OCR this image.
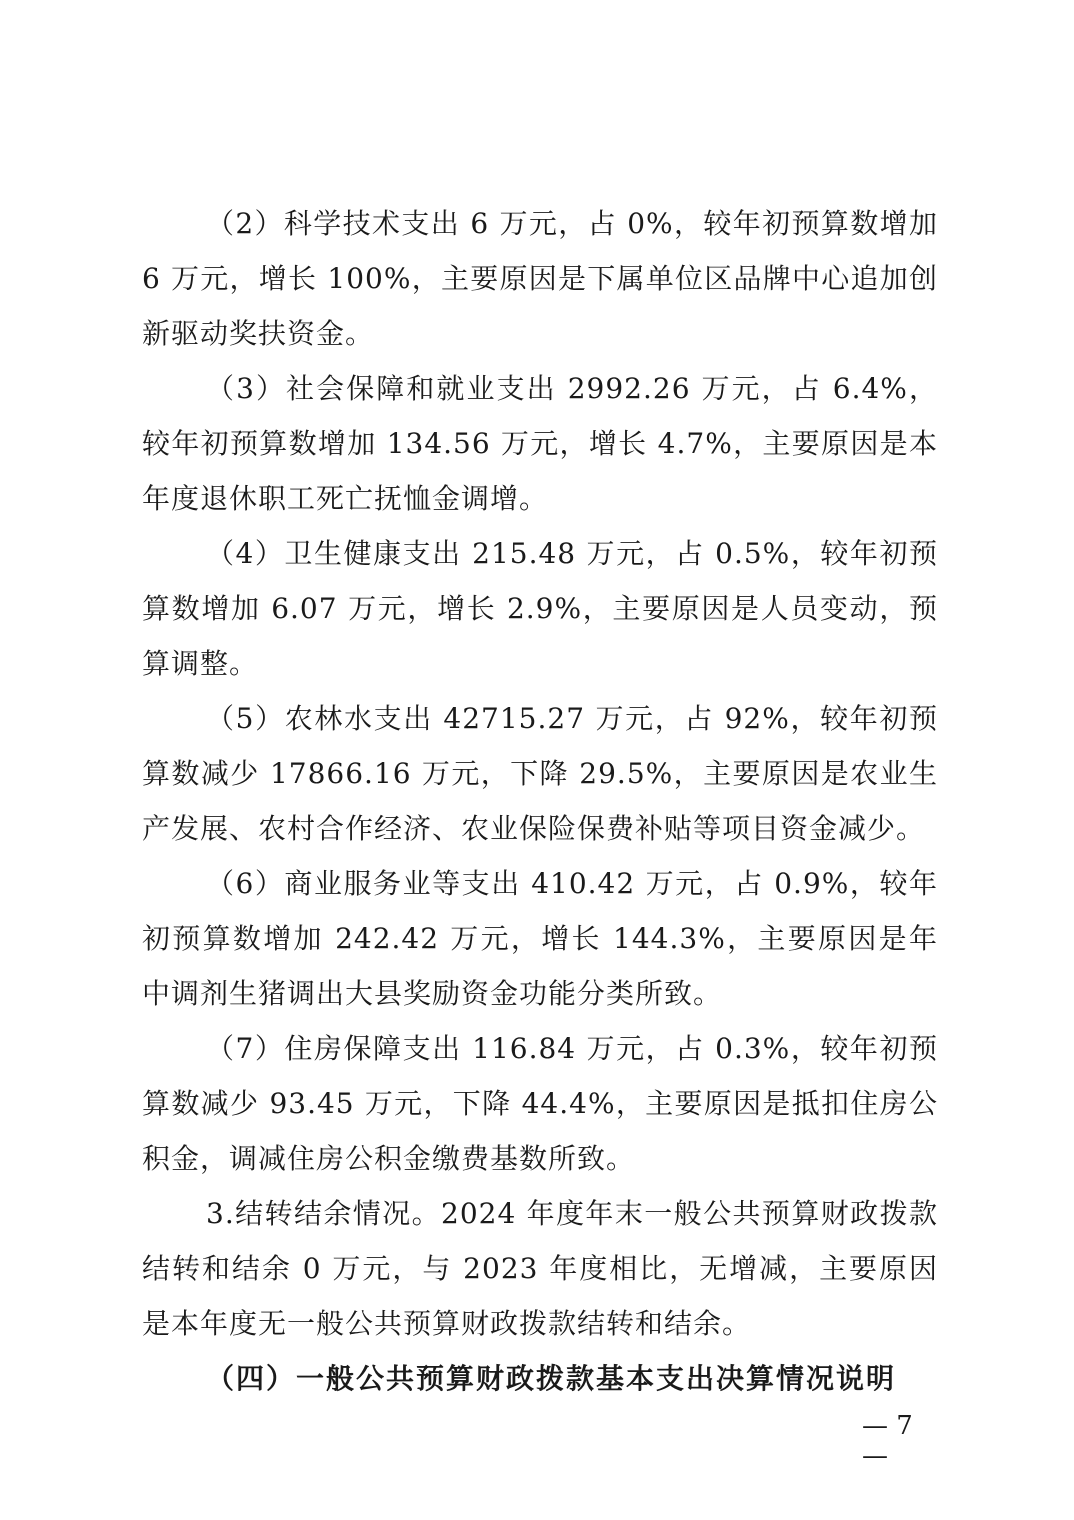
（2）科学技术支出 6 万元，占 0%，较年初预算数增加 6 万元，增长 100%，主要原因是下属单位区品牌中心追加创新驱动奖扶资金。

（3）社会保障和就业支出 2992.26 万元，占 6.4%，较年初预算数增加 134.56 万元，增长 4.7%，主要原因是本年度退休职工死亡抚恤金调增。

（4）卫生健康支出 215.48 万元，占 0.5%，较年初预算数增加 6.07 万元，增长 2.9%，主要原因是人员变动，预算调整。

（5）农林水支出 42715.27 万元，占 92%，较年初预算数减少 17866.16 万元，下降 29.5%，主要原因是农业生产发展、农村合作经济、农业保险保费补贴等项目资金减少。

（6）商业服务业等支出 410.42 万元，占 0.9%，较年初预算数增加 242.42 万元，增长 144.3%，主要原因是年中调剂生猪调出大县奖励资金功能分类所致。

（7）住房保障支出 116.84 万元，占 0.3%，较年初预算数减少 93.45 万元，下降 44.4%，主要原因是抵扣住房公积金，调减住房公积金缴费基数所致。

3.结转结余情况。2024 年度年末一般公共预算财政拨款结转和结余 0 万元，与 2023 年度相比，无增减，主要原因是本年度无一般公共预算财政拨款结转和结余。

（四）一般公共预算财政拨款基本支出决算情况说明

— 7 —
